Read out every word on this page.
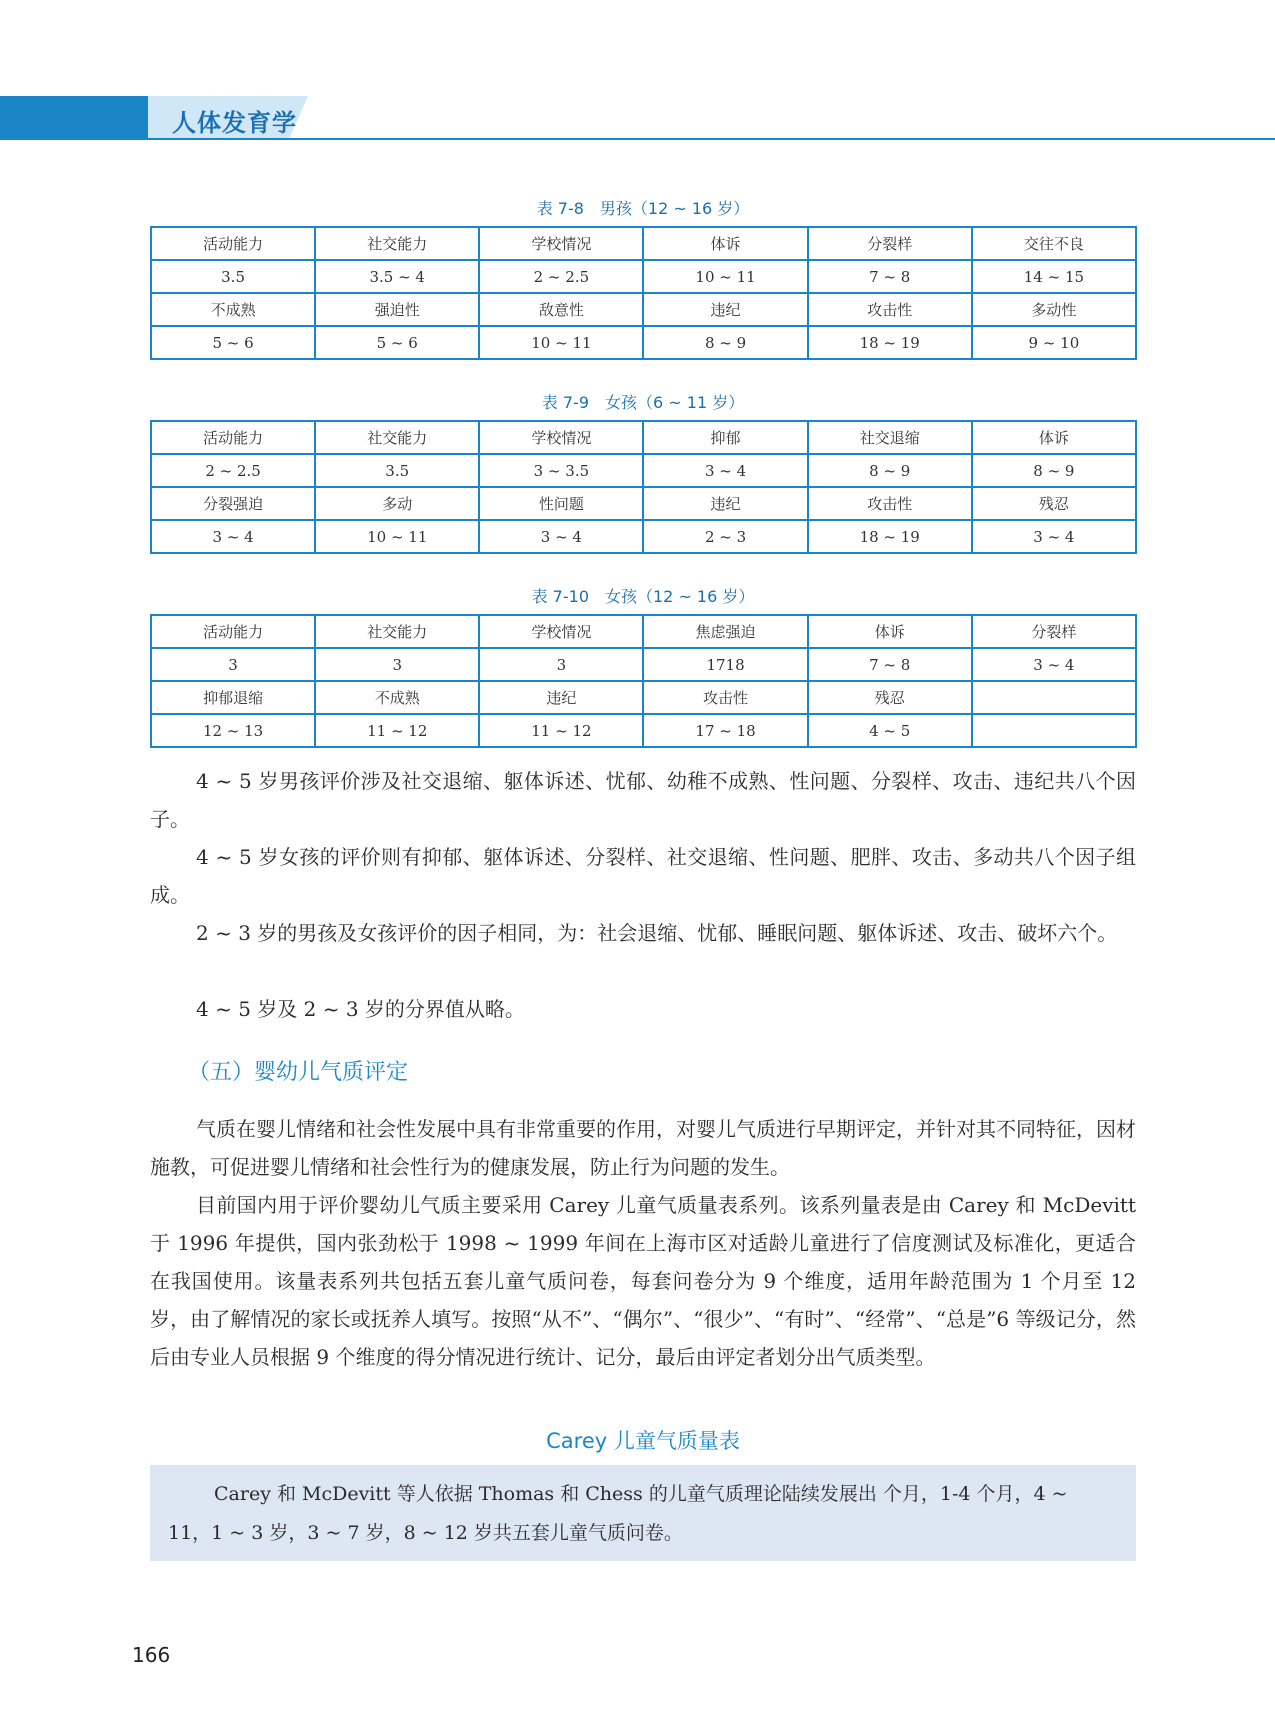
人体发育学
表 7-8　男孩（12 ~ 16 岁）
活动能力	社交能力	学校情况	体诉	分裂样	交往不良
3.5	3.5 ~ 4	2 ~ 2.5	10 ~ 11	7 ~ 8	14 ~ 15
不成熟	强迫性	敌意性	违纪	攻击性	多动性
5 ~ 6	5 ~ 6	10 ~ 11	8 ~ 9	18 ~ 19	9 ~ 10
表 7-9　女孩（6 ~ 11 岁）
活动能力	社交能力	学校情况	抑郁	社交退缩	体诉
2 ~ 2.5	3.5	3 ~ 3.5	3 ~ 4	8 ~ 9	8 ~ 9
分裂强迫	多动	性问题	违纪	攻击性	残忍
3 ~ 4	10 ~ 11	3 ~ 4	2 ~ 3	18 ~ 19	3 ~ 4
表 7-10　女孩（12 ~ 16 岁）
活动能力	社交能力	学校情况	焦虑强迫	体诉	分裂样
3	3	3	1718	7 ~ 8	3 ~ 4
抑郁退缩	不成熟	违纪	攻击性	残忍	
12 ~ 13	11 ~ 12	11 ~ 12	17 ~ 18	4 ~ 5	

4 ~ 5 岁男孩评价涉及社交退缩、躯体诉述、忧郁、幼稚不成熟、性问题、分裂样、攻击、违纪共八个因子。

4 ~ 5 岁女孩的评价则有抑郁、躯体诉述、分裂样、社交退缩、性问题、肥胖、攻击、多动共八个因子组成。

2 ~ 3 岁的男孩及女孩评价的因子相同，为：社会退缩、忧郁、睡眠问题、躯体诉述、攻击、破坏六个。

4 ~ 5 岁及 2 ~ 3 岁的分界值从略。

（五）婴幼儿气质评定

气质在婴儿情绪和社会性发展中具有非常重要的作用，对婴儿气质进行早期评定，并针对其不同特征，因材施教，可促进婴儿情绪和社会性行为的健康发展，防止行为问题的发生。

目前国内用于评价婴幼儿气质主要采用 Carey 儿童气质量表系列。该系列量表是由 Carey 和 McDevitt 于 1996 年提供，国内张劲松于 1998 ~ 1999 年间在上海市区对适龄儿童进行了信度测试及标准化，更适合在我国使用。该量表系列共包括五套儿童气质问卷，每套问卷分为 9 个维度，适用年龄范围为 1 个月至 12 岁，由了解情况的家长或抚养人填写。按照“从不”、“偶尔”、“很少”、“有时”、“经常”、“总是”6 等级记分，然后由专业人员根据 9 个维度的得分情况进行统计、记分，最后由评定者划分出气质类型。

Carey 儿童气质量表

Carey 和 McDevitt 等人依据 Thomas 和 Chess 的儿童气质理论陆续发展出 个月，1-4 个月，4 ~ 11，1 ~ 3 岁，3 ~ 7 岁，8 ~ 12 岁共五套儿童气质问卷。

166
